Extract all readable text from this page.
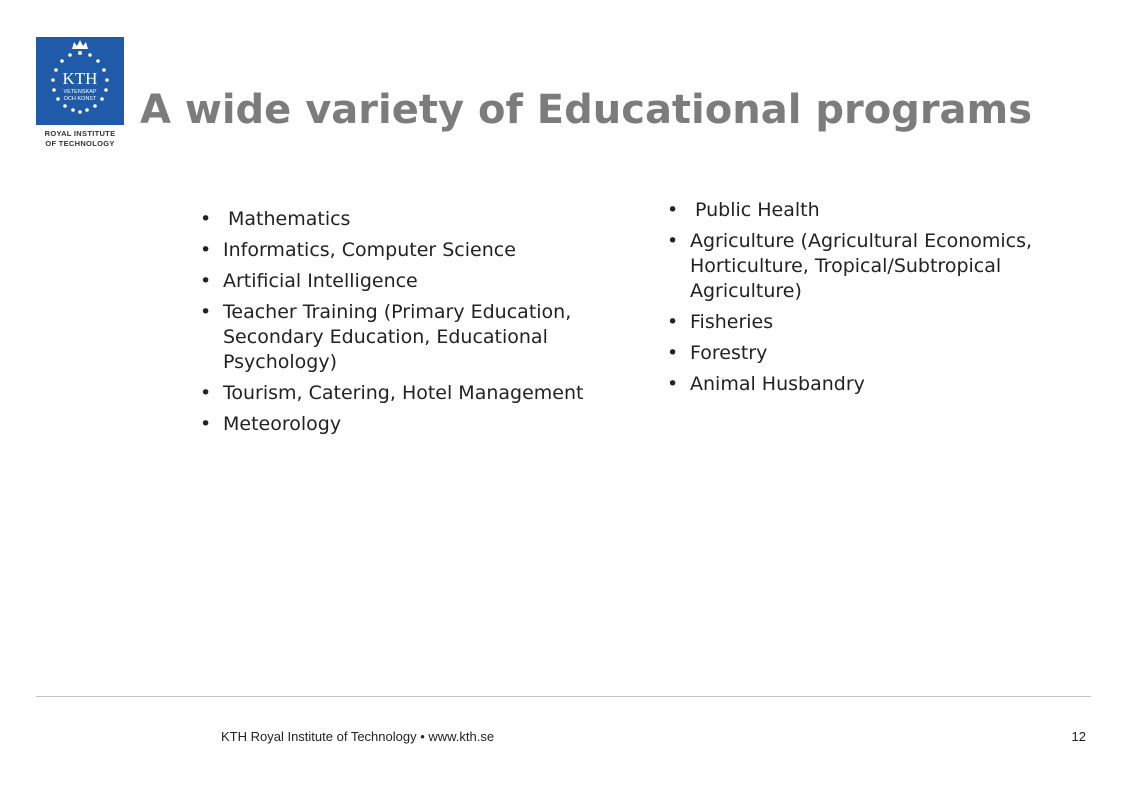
KTH
VETENSKAP
OCH KONST
ROYAL INSTITUTE
OF TECHNOLOGY
A wide variety of Educational programs
• Mathematics
• Informatics, Computer Science
• Artificial Intelligence
• Teacher Training (Primary Education, Secondary Education, Educational Psychology)
• Tourism, Catering, Hotel Management
• Meteorology
• Public Health
• Agriculture (Agricultural Economics, Horticulture, Tropical/Subtropical Agriculture)
• Fisheries
• Forestry
• Animal Husbandry
KTH Royal Institute of Technology • www.kth.se	12
